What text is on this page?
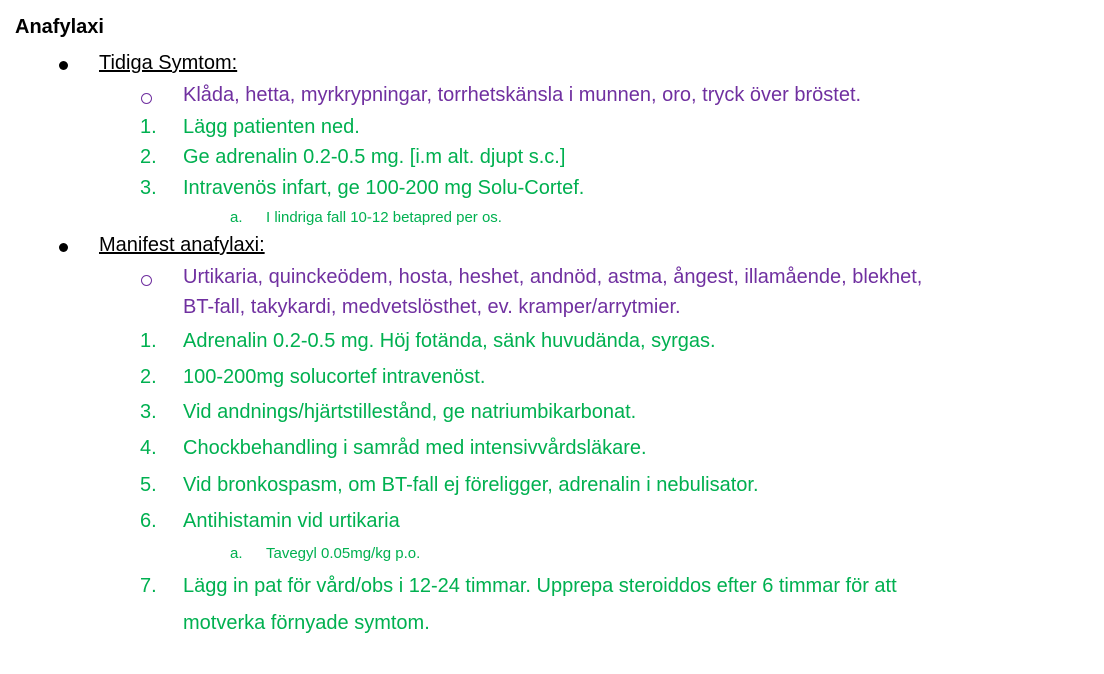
Anafylaxi
Tidiga Symtom:
Klåda, hetta, myrkrypningar, torrhetskänsla i munnen, oro, tryck över bröstet.
1. Lägg patienten ned.
2. Ge adrenalin 0.2-0.5 mg. [i.m alt. djupt s.c.]
3. Intravenös infart, ge 100-200 mg Solu-Cortef.
a. I lindriga fall 10-12 betapred per os.
Manifest anafylaxi:
Urtikaria, quinckeödem, hosta, heshet, andnöd, astma, ångest, illamående, blekhet,
BT-fall, takykardi, medvetslösthet, ev. kramper/arrytmier.
1. Adrenalin 0.2-0.5 mg. Höj fotända, sänk huvudända, syrgas.
2. 100-200mg solucortef intravenöst.
3. Vid andnings/hjärtstillestånd, ge natriumbikarbonat.
4. Chockbehandling i samråd med intensivvårdsläkare.
5. Vid bronkospasm, om BT-fall ej föreligger, adrenalin i nebulisator.
6. Antihistamin vid urtikaria
a. Tavegyl 0.05mg/kg p.o.
7. Lägg in pat för vård/obs i 12-24 timmar. Upprepa steroiddos efter 6 timmar för att
motverka förnyade symtom.
